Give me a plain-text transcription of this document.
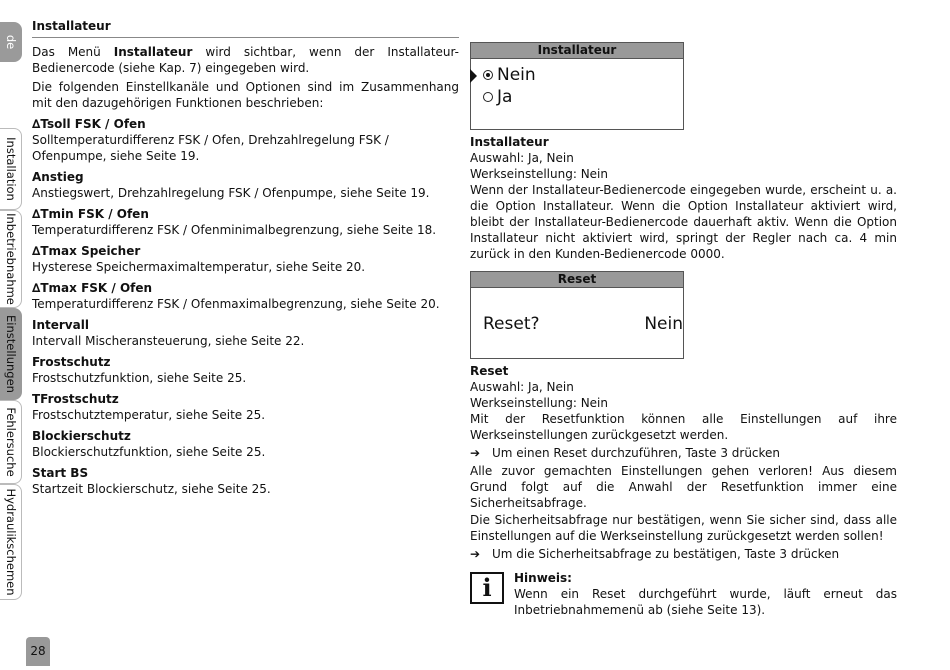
de
Installation
Inbetriebnahme
Einstellungen
Fehlersuche
Hydraulikschemen
28
Installateur

Das Menü Installateur wird sichtbar, wenn der Installateur-Bedienercode (siehe Kap. 7) eingegeben wird.

Die folgenden Einstellkanäle und Optionen sind im Zusammenhang mit den dazugehörigen Funktionen beschrieben:

∆Tsoll FSK / Ofen
Solltemperaturdifferenz FSK / Ofen, Drehzahlregelung FSK / Ofenpumpe, siehe Seite 19.
Anstieg
Anstiegswert, Drehzahlregelung FSK / Ofenpumpe, siehe Seite 19.
∆Tmin FSK / Ofen
Temperaturdifferenz FSK / Ofenminimalbegrenzung, siehe Seite 18.
∆Tmax Speicher
Hysterese Speichermaximaltemperatur, siehe Seite 20.
∆Tmax FSK / Ofen
Temperaturdifferenz FSK / Ofenmaximalbegrenzung, siehe Seite 20.
Intervall
Intervall Mischeransteuerung, siehe Seite 22.
Frostschutz
Frostschutzfunktion, siehe Seite 25.
TFrostschutz
Frostschutztemperatur, siehe Seite 25.
Blockierschutz
Blockierschutzfunktion, siehe Seite 25.
Start BS
Startzeit Blockierschutz, siehe Seite 25.
Installateur
Nein
Ja
Installateur
Auswahl: Ja, Nein
Werkseinstellung: Nein

Wenn der Installateur-Bedienercode eingegeben wurde, erscheint u. a. die Option Installateur. Wenn die Option Installateur aktiviert wird, bleibt der Installateur-Bedienercode dauerhaft aktiv. Wenn die Option Installateur nicht aktiviert wird, springt der Regler nach ca. 4 min zurück in den Kunden-Bedienercode 0000.

Reset
Reset?	Nein
Reset
Auswahl: Ja, Nein
Werkseinstellung: Nein

Mit der Resetfunktion können alle Einstellungen auf ihre Werkseinstellungen zurückgesetzt werden.

➔ Um einen Reset durchzuführen, Taste 3 drücken

Alle zuvor gemachten Einstellungen gehen verloren! Aus diesem Grund folgt auf die Anwahl der Resetfunktion immer eine Sicherheitsabfrage.

Die Sicherheitsabfrage nur bestätigen, wenn Sie sicher sind, dass alle Einstellungen auf die Werkseinstellung zurückgesetzt werden sollen!

➔ Um die Sicherheitsabfrage zu bestätigen, Taste 3 drücken
i	Hinweis:

Wenn ein Reset durchgeführt wurde, läuft erneut das Inbetriebnahmemenü ab (siehe Seite 13).
